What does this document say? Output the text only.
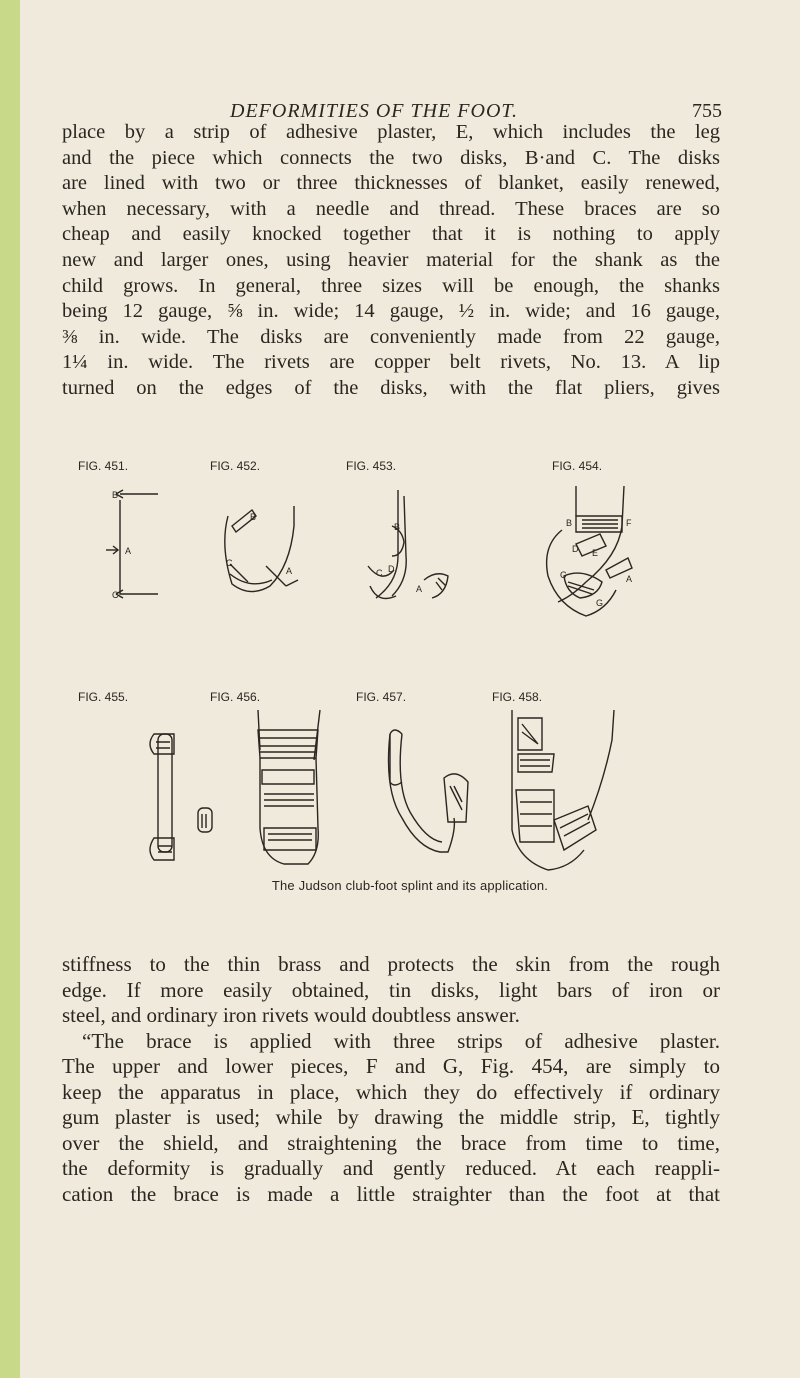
DEFORMITIES OF THE FOOT.	755
place by a strip of adhesive plaster, E, which includes the leg
and the piece which connects the two disks, B·and C. The disks
are lined with two or three thicknesses of blanket, easily renewed,
when necessary, with a needle and thread. These braces are so
cheap and easily knocked together that it is nothing to apply
new and larger ones, using heavier material for the shank as the
child grows. In general, three sizes will be enough, the shanks
being 12 gauge, ⅝ in. wide; 14 gauge, ½ in. wide; and 16 gauge,
⅜ in. wide. The disks are conveniently made from 22 gauge,
1¼ in. wide. The rivets are copper belt rivets, No. 13. A lip
turned on the edges of the disks, with the flat pliers, gives
FIG. 451.	FIG. 452.	FIG. 453.	FIG. 454.
B
A
C
B
C
A
B
C D
A
B	F
D E
C	A
G
FIG. 455.	FIG. 456.	FIG. 457.	FIG. 458.
The Judson club-foot splint and its application.
stiffness to the thin brass and protects the skin from the rough
edge. If more easily obtained, tin disks, light bars of iron or
steel, and ordinary iron rivets would doubtless answer.
“The brace is applied with three strips of adhesive plaster.
The upper and lower pieces, F and G, Fig. 454, are simply to
keep the apparatus in place, which they do effectively if ordinary
gum plaster is used; while by drawing the middle strip, E, tightly
over the shield, and straightening the brace from time to time,
the deformity is gradually and gently reduced. At each reappli-
cation the brace is made a little straighter than the foot at that
